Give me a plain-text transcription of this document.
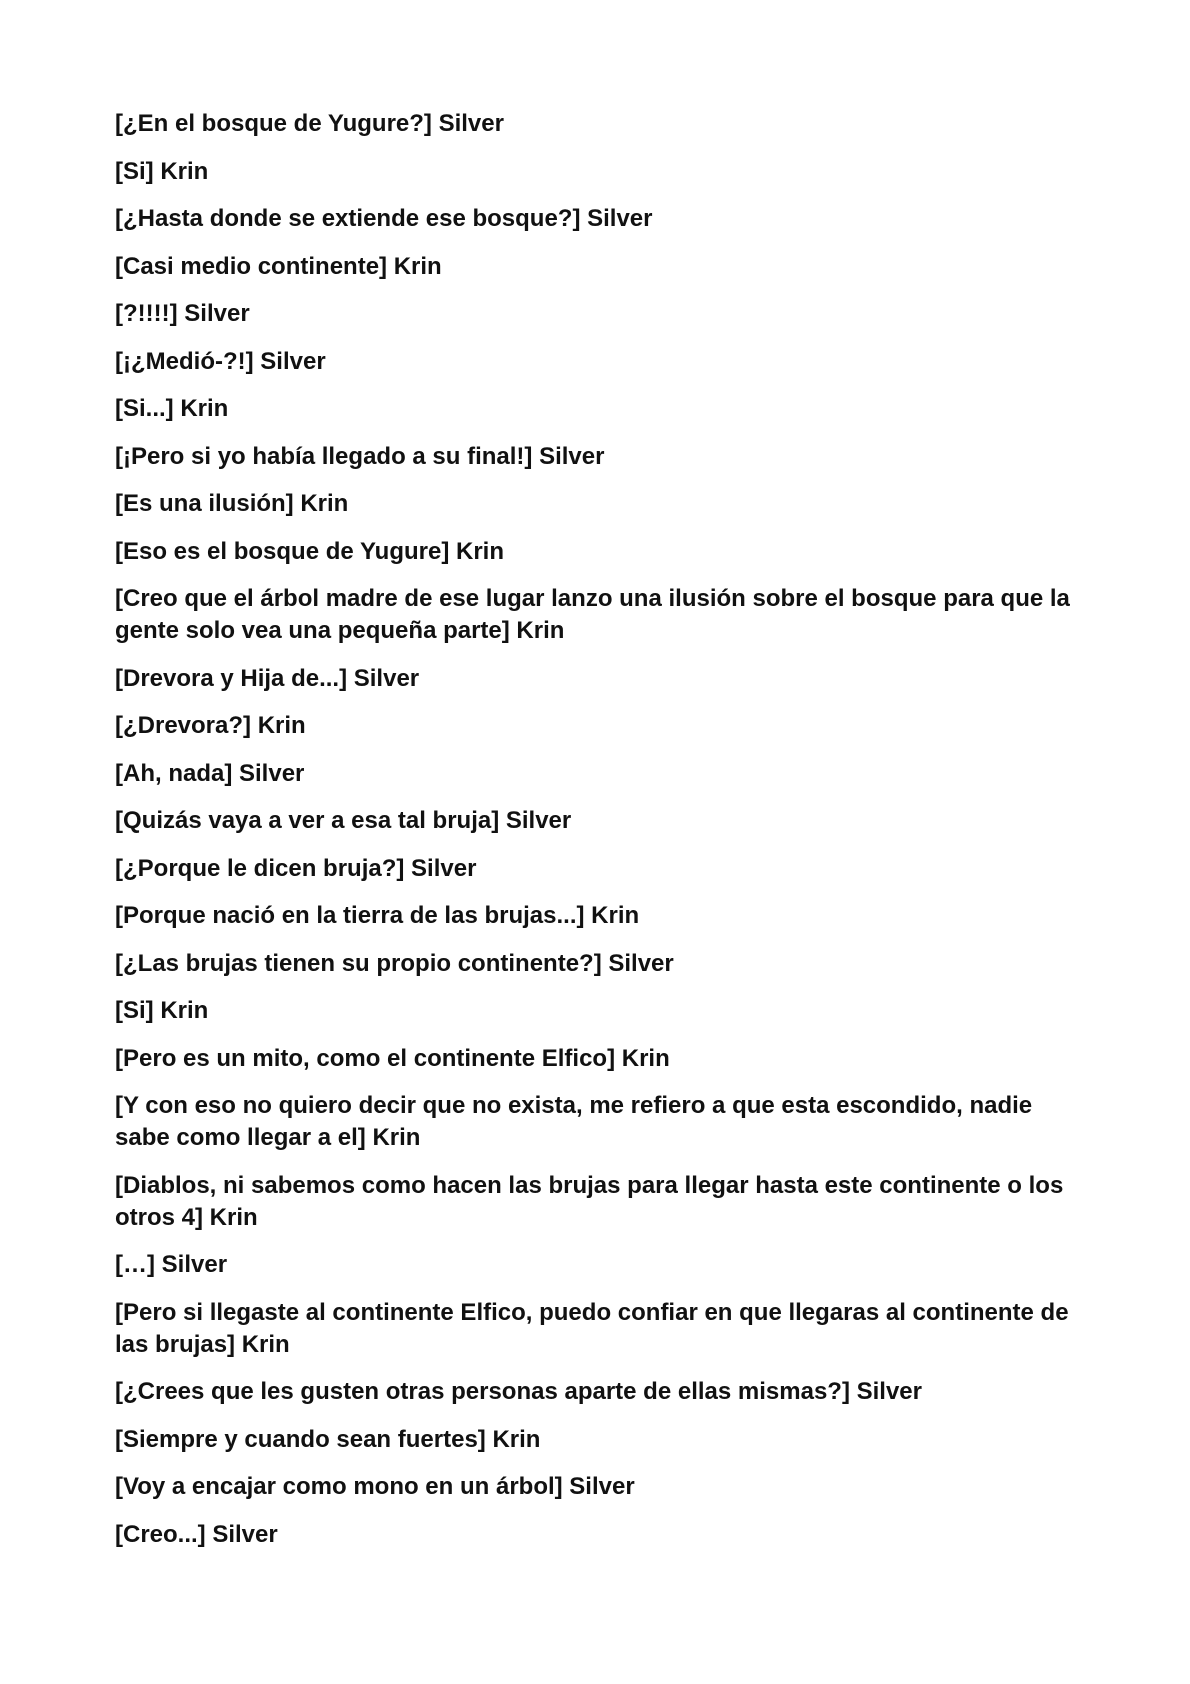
[¿En el bosque de Yugure?] Silver

[Si] Krin

[¿Hasta donde se extiende ese bosque?] Silver

[Casi medio continente] Krin

[?!!!!] Silver

[¡¿Medió-?!] Silver

[Si...] Krin

[¡Pero si yo había llegado a su final!] Silver

[Es una ilusión] Krin

[Eso es el bosque de Yugure] Krin

[Creo que el árbol madre de ese lugar lanzo una ilusión sobre el bosque para que la gente solo vea una pequeña parte] Krin

[Drevora y Hija de...] Silver

[¿Drevora?] Krin

[Ah, nada] Silver

[Quizás vaya a ver a esa tal bruja] Silver

[¿Porque le dicen bruja?] Silver

[Porque nació en la tierra de las brujas...] Krin

[¿Las brujas tienen su propio continente?] Silver

[Si] Krin

[Pero es un mito, como el continente Elfico] Krin

[Y con eso no quiero decir que no exista, me refiero a que esta escondido, nadie sabe como llegar a el] Krin

[Diablos, ni sabemos como hacen las brujas para llegar hasta este continente o los otros 4] Krin

[…] Silver

[Pero si llegaste al continente Elfico, puedo confiar en que llegaras al continente de las brujas] Krin

[¿Crees que les gusten otras personas aparte de ellas mismas?] Silver

[Siempre y cuando sean fuertes] Krin

[Voy a encajar como mono en un árbol] Silver

[Creo...] Silver
